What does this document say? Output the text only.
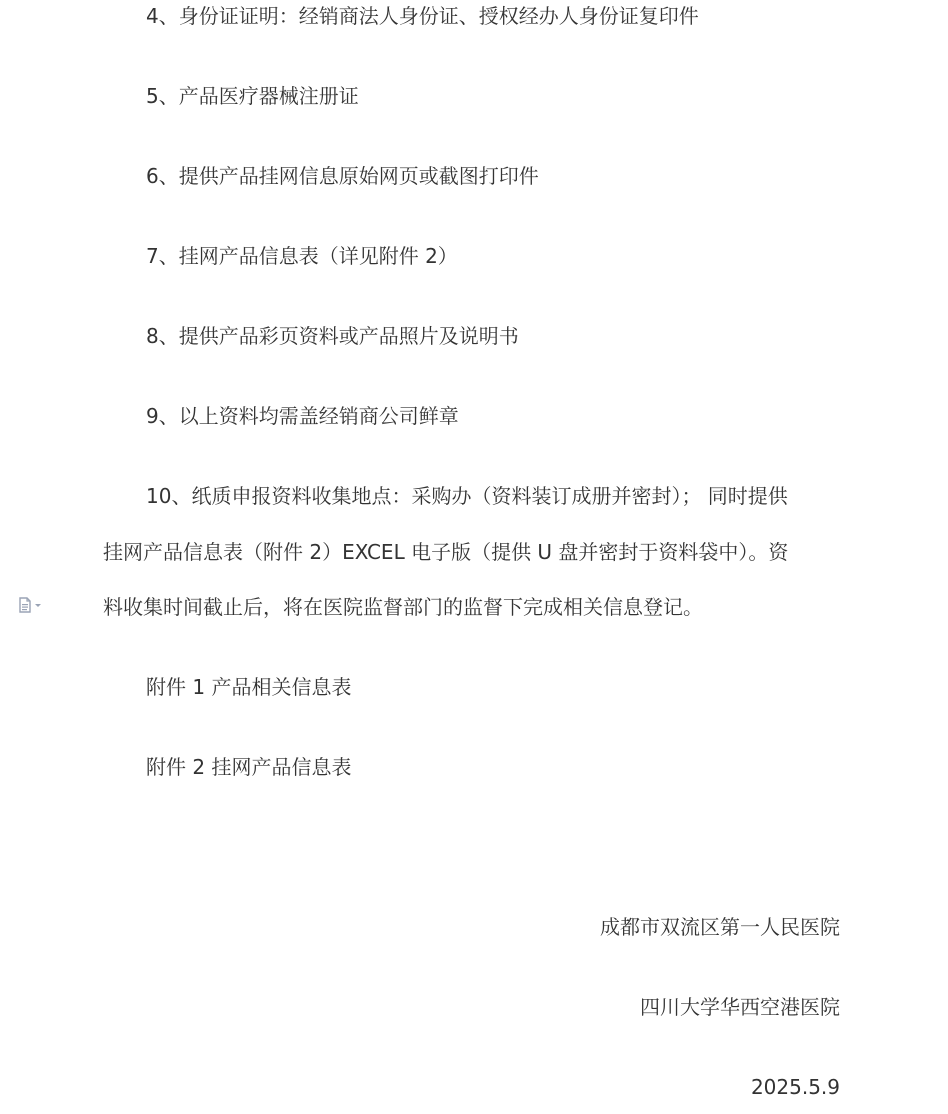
4、身份证证明：经销商法人身份证、授权经办人身份证复印件
5、产品医疗器械注册证
6、提供产品挂网信息原始网页或截图打印件
7、挂网产品信息表（详见附件 2）
8、提供产品彩页资料或产品照片及说明书
9、以上资料均需盖经销商公司鲜章
10、纸质申报资料收集地点：采购办（资料装订成册并密封）； 同时提供
挂网产品信息表（附件 2）EXCEL 电子版（提供 U 盘并密封于资料袋中）。资
料收集时间截止后，将在医院监督部门的监督下完成相关信息登记。
附件 1 产品相关信息表
附件 2 挂网产品信息表
成都市双流区第一人民医院
四川大学华西空港医院
2025.5.9
